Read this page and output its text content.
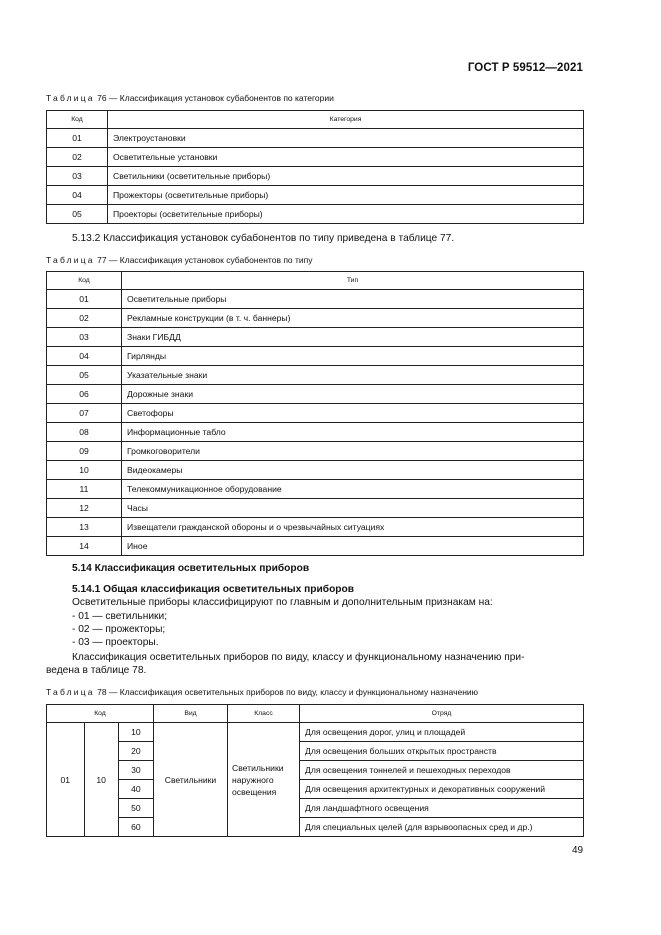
ГОСТ Р 59512—2021
Таблица 76 — Классификация установок субабонентов по категории
Код	Категория
01	Электроустановки
02	Осветительные установки
03	Светильники (осветительные приборы)
04	Прожекторы (осветительные приборы)
05	Проекторы (осветительные приборы)
5.13.2 Классификация установок субабонентов по типу приведена в таблице 77.
Таблица 77 — Классификация установок субабонентов по типу
Код	Тип
01	Осветительные приборы
02	Рекламные конструкции (в т. ч. баннеры)
03	Знаки ГИБДД
04	Гирлянды
05	Указательные знаки
06	Дорожные знаки
07	Светофоры
08	Информационные табло
09	Громкоговорители
10	Видеокамеры
11	Телекоммуникационное оборудование
12	Часы
13	Извещатели гражданской обороны и о чрезвычайных ситуациях
14	Иное
5.14 Классификация осветительных приборов
5.14.1 Общая классификация осветительных приборов
Осветительные приборы классифицируют по главным и дополнительным признакам на:
- 01 — светильники;
- 02 — прожекторы;
- 03 — проекторы.
Классификация осветительных приборов по виду, классу и функциональному назначению при-
ведена в таблице 78.
Таблица 78 — Классификация осветительных приборов по виду, классу и функциональному назначению
Код			Вид	Класс	Отряд
01	10	10	Светильники	Светильники наружного освещения	Для освещения дорог, улиц и площадей
		20			Для освещения больших открытых пространств
		30			Для освещения тоннелей и пешеходных переходов
		40			Для освещения архитектурных и декоративных сооружений
		50			Для ландшафтного освещения
		60			Для специальных целей (для взрывоопасных сред и др.)
49
